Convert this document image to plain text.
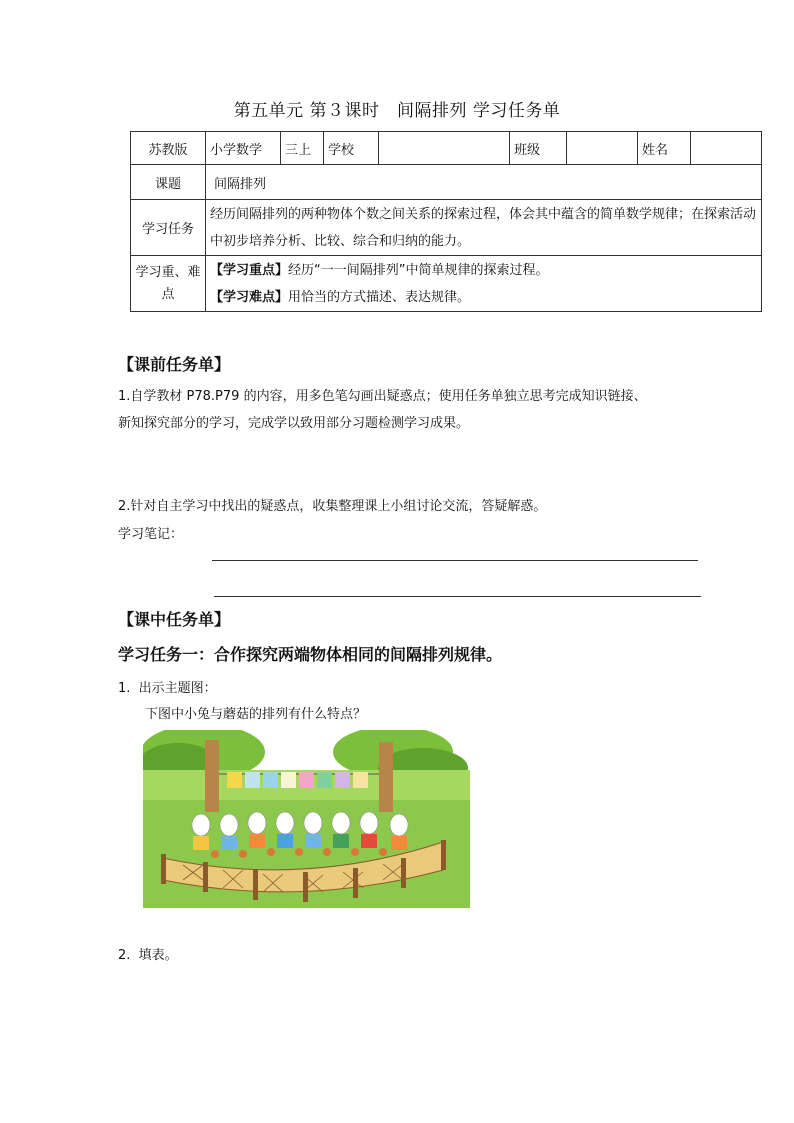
第五单元 第３课时　间隔排列 学习任务单
苏教版	小学数学	三上	学校		班级		姓名	
课题	间隔排列							
学习任务	经历间隔排列的两种物体个数之间关系的探索过程，体会其中蕴含的简单数学规律；在探索活动中初步培养分析、比较、综合和归纳的能力。							
学习重、难点	【学习重点】经历“一一间隔排列”中简单规律的探索过程。
【学习难点】用恰当的方式描述、表达规律。							
【课前任务单】
1.自学教材 P78.P79 的内容，用多色笔勾画出疑惑点；使用任务单独立思考完成知识链接、
新知探究部分的学习，完成学以致用部分习题检测学习成果。
2.针对自主学习中找出的疑惑点，收集整理课上小组讨论交流，答疑解惑。
学习笔记：
【课中任务单】
学习任务一：合作探究两端物体相同的间隔排列规律。
1. 出示主题图：
下图中小兔与蘑菇的排列有什么特点？
2. 填表。
